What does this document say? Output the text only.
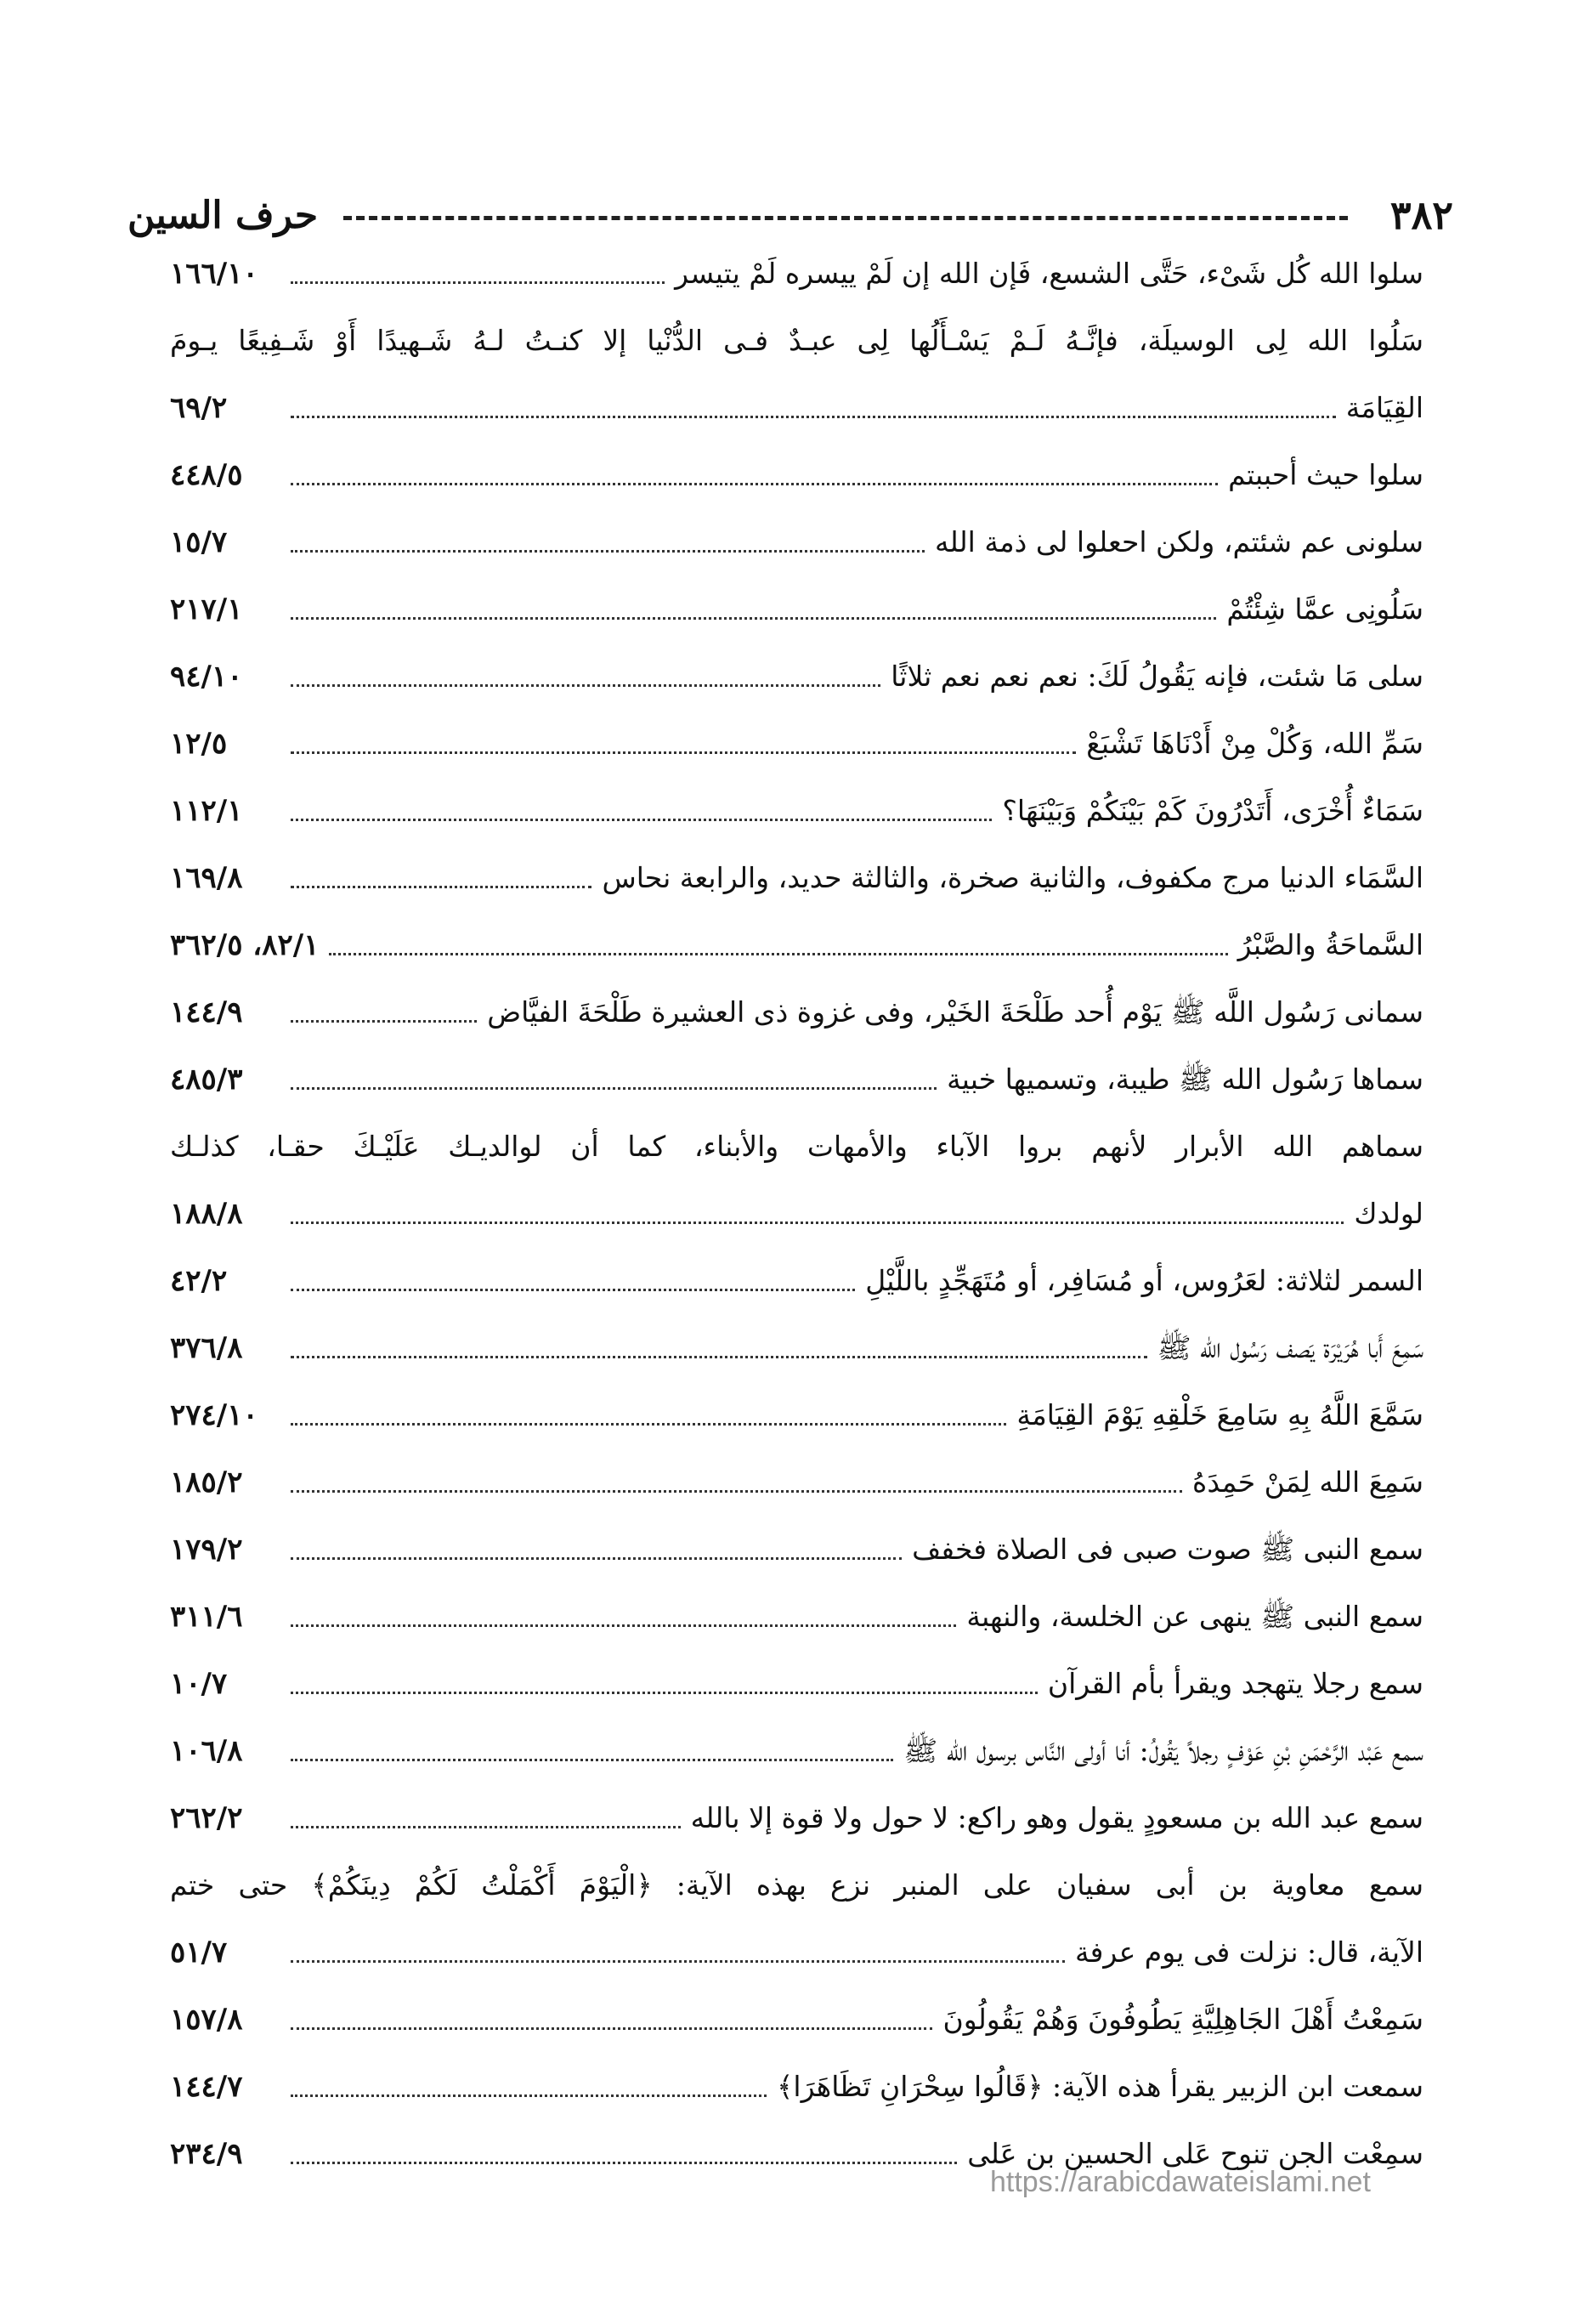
٣٨٢
حرف السين
سلوا الله كُل شَىْء، حَتَّى الشسع، فَإن الله إن لَمْ ييسره لَمْ يتيسر
١٦٦/١٠
سَلُوا الله لِى الوسيلَة، فإنَّـهُ لَـمْ يَسْـأَلُها لِى عبـدٌ فـى الدُّنْيا إلا كنـتُ لـهُ شَـهيدًا أَوْ شَـفِيعًا يـومَ
القِيَامَة
٦٩/٢
سلوا حيث أحببتم
٤٤٨/٥
سلونى عم شئتم، ولكن احعلوا لى ذمة الله
١٥/٧
سَلُونِى عمَّا شِئْتُمْ
٢١٧/١
سلى مَا شئت، فإنه يَقُولُ لَكَ: نعم نعم نعم ثلاثًا
٩٤/١٠
سَمِّ الله، وَكُلْ مِنْ أَدْنَاهَا تَشْبَعْ
١٢/٥
سَمَاءٌ أُخْرَى، أَتَدْرُونَ كَمْ بَيْنَكُمْ وَبَيْنَهَا؟
١١٢/١
السَّمَاء الدنيا مرج مكفوف، والثانية صخرة، والثالثة حديد، والرابعة نحاس
١٦٩/٨
السَّماحَةُ والصَّبْرُ
٨٢/١، ٣٦٢/٥
سمانى رَسُول اللَّه ﷺ يَوْم أُحد طَلْحَةَ الخَيْر، وفى غزوة ذى العشيرة طَلْحَةَ الفيَّاض
١٤٤/٩
سماها رَسُول الله ﷺ طيبة، وتسميها خبية
٤٨٥/٣
سماهم الله الأبرار لأنهم بروا الآباء والأمهات والأبناء، كما أن لوالديـك عَلَيْـكَ حقـا، كذلـك
لولدك
١٨٨/٨
السمر لثلاثة: لعَرُوس، أو مُسَافِر، أو مُتَهَجِّدٍ باللَّيْلِ
٤٢/٢
سَمِعَ أَبا هُرَيْرَة يَصف رَسُول الله ﷺ
٣٧٦/٨
سَمَّعَ اللَّهُ بِهِ سَامِعَ خَلْقِهِ يَوْمَ القِيَامَةِ
٢٧٤/١٠
سَمِعَ الله لِمَنْ حَمِدَهُ
١٨٥/٢
سمع النبى ﷺ صوت صبى فى الصلاة فخفف
١٧٩/٢
سمع النبى ﷺ ينهى عن الخلسة، والنهبة
٣١١/٦
سمع رجلا يتهجد ويقرأ بأم القرآن
١٠/٧
سمع عَبْد الرَّحْمَنِ بْنِ عَوْفٍ رجلاً يَقُولُ: أنا أولى النَّاس برسول الله ﷺ
١٠٦/٨
سمع عبد الله بن مسعودٍ يقول وهو راكع: لا حول ولا قوة إلا بالله
٢٦٢/٢
سمع معاوية بن أبى سفيان على المنبر نزع بهذه الآية: ﴿الْيَوْمَ أَكْمَلْتُ لَكُمْ دِينَكُمْ﴾ حتى ختم
الآية، قال: نزلت فى يوم عرفة
٥١/٧
سَمِعْتُ أَهْلَ الجَاهِلِيَّةِ يَطُوفُونَ وَهُمْ يَقُولُونَ
١٥٧/٨
سمعت ابن الزبير يقرأ هذه الآية: ﴿قَالُوا سِحْرَانِ تَظَاهَرَا﴾
١٤٤/٧
سمِعْت الجن تنوح عَلى الحسين بن عَلى
٢٣٤/٩
https://arabicdawateislami.net
